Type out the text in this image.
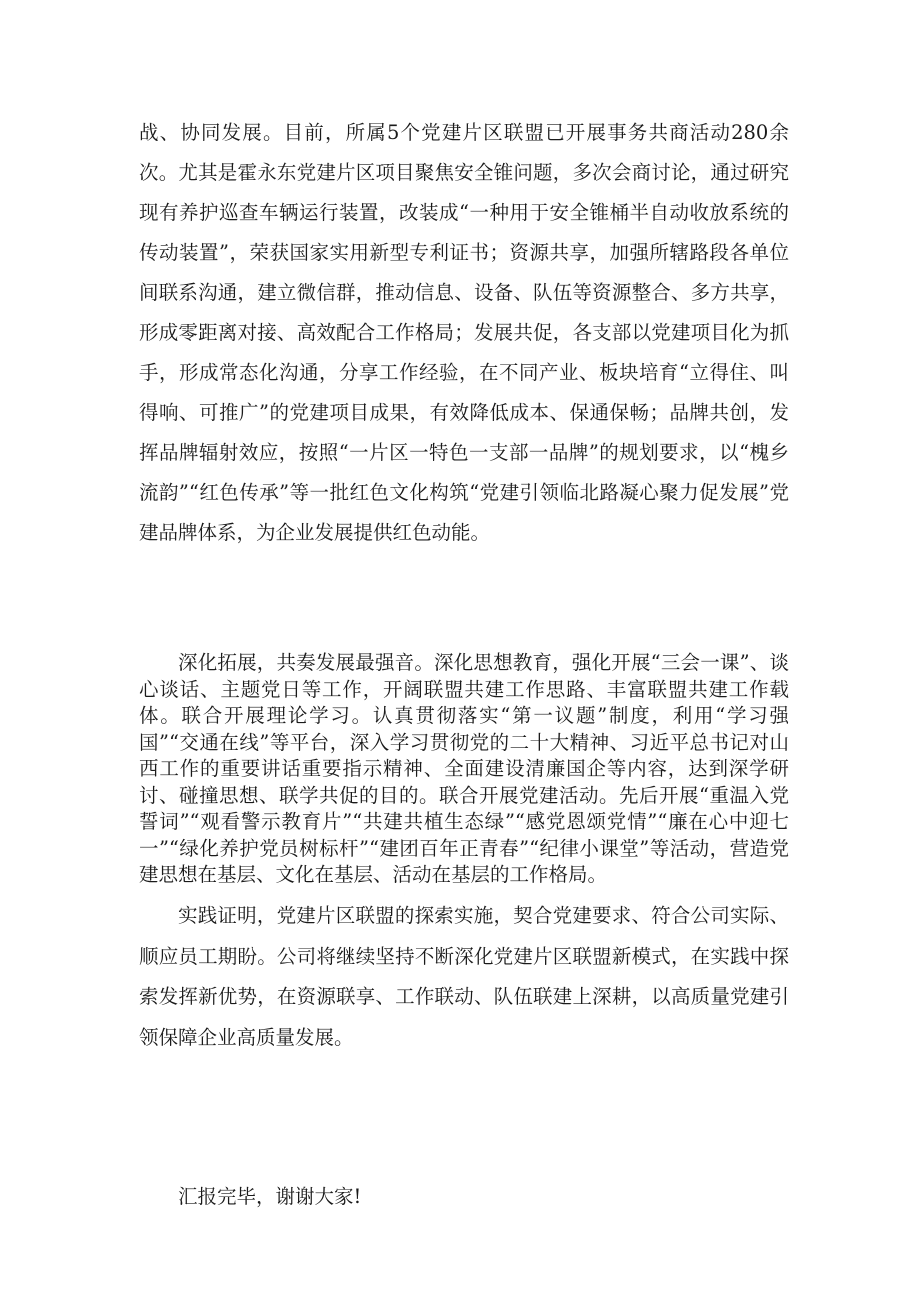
战、协同发展。目前，所属5个党建片区联盟已开展事务共商活动280余次。尤其是霍永东党建片区项目聚焦安全锥问题，多次会商讨论，通过研究现有养护巡查车辆运行装置，改装成“一种用于安全锥桶半自动收放系统的传动装置”，荣获国家实用新型专利证书；资源共享，加强所辖路段各单位间联系沟通，建立微信群，推动信息、设备、队伍等资源整合、多方共享，形成零距离对接、高效配合工作格局；发展共促，各支部以党建项目化为抓手，形成常态化沟通，分享工作经验，在不同产业、板块培育“立得住、叫得响、可推广”的党建项目成果，有效降低成本、保通保畅；品牌共创，发挥品牌辐射效应，按照“一片区一特色一支部一品牌”的规划要求，以“槐乡流韵”“红色传承”等一批红色文化构筑“党建引领临北路凝心聚力促发展”党建品牌体系，为企业发展提供红色动能。

深化拓展，共奏发展最强音。深化思想教育，强化开展“三会一课”、谈心谈话、主题党日等工作，开阔联盟共建工作思路、丰富联盟共建工作载体。联合开展理论学习。认真贯彻落实“第一议题”制度，利用“学习强国”“交通在线”等平台，深入学习贯彻党的二十大精神、习近平总书记对山西工作的重要讲话重要指示精神、全面建设清廉国企等内容，达到深学研讨、碰撞思想、联学共促的目的。联合开展党建活动。先后开展“重温入党誓词”“观看警示教育片”“共建共植生态绿”“感党恩颂党情”“廉在心中迎七一”“绿化养护党员树标杆”“建团百年正青春”“纪律小课堂”等活动，营造党建思想在基层、文化在基层、活动在基层的工作格局。

实践证明，党建片区联盟的探索实施，契合党建要求、符合公司实际、顺应员工期盼。公司将继续坚持不断深化党建片区联盟新模式，在实践中探索发挥新优势，在资源联享、工作联动、队伍联建上深耕，以高质量党建引领保障企业高质量发展。

汇报完毕，谢谢大家!
